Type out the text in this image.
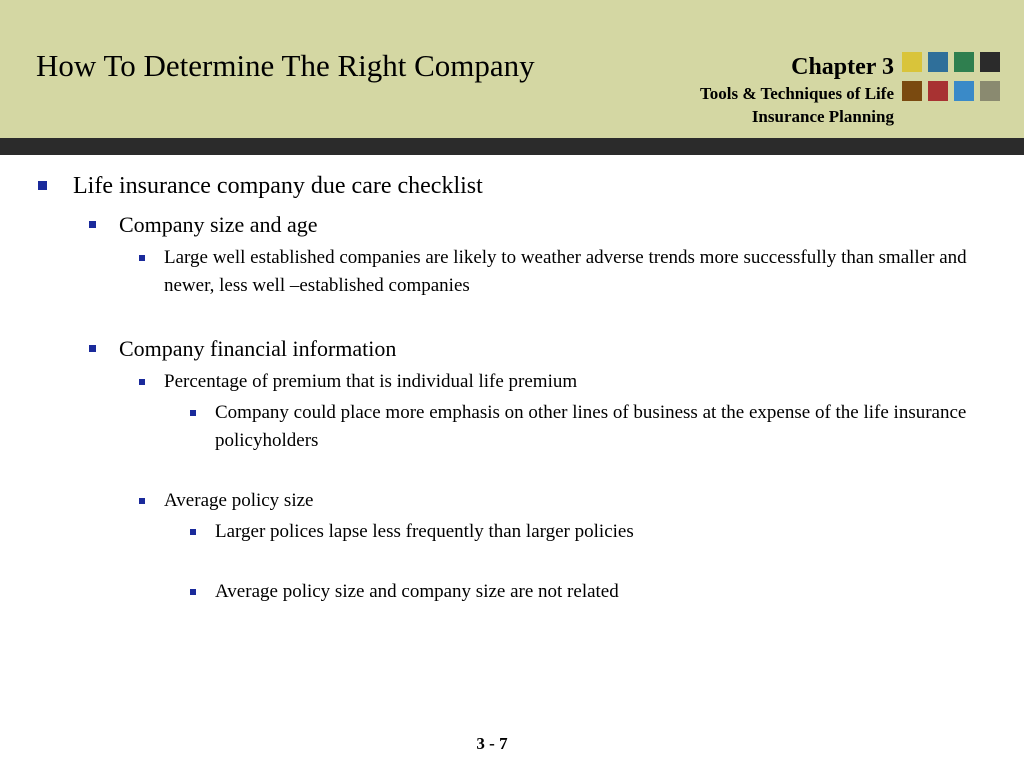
How To Determine The Right Company	Chapter 3
Tools & Techniques of Life Insurance Planning
Life insurance company due care checklist
Company size and age
Large well established companies are likely to weather adverse trends more successfully than smaller and newer, less well –established companies
Company financial information
Percentage of premium that is individual life premium
Company could place more emphasis on other lines of business at the expense of the life insurance policyholders
Average policy size
Larger polices lapse less frequently than larger policies
Average policy size and company size are not related
3 - 7
